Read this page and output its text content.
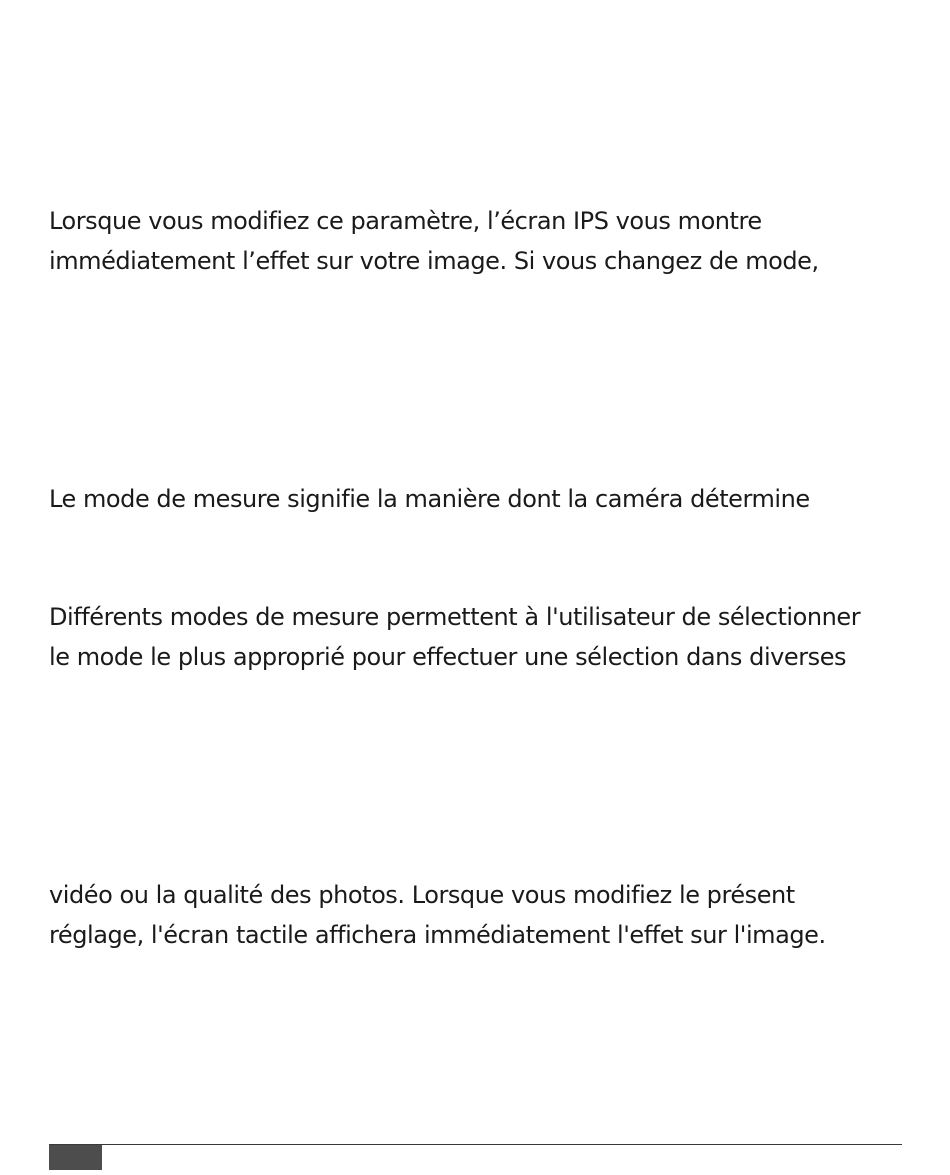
Lorsque vous modifiez ce paramètre, l’écran IPS vous montre

immédiatement l’effet sur votre image. Si vous changez de mode,

Le mode de mesure signifie la manière dont la caméra détermine

Différents modes de mesure permettent à l'utilisateur de sélectionner

le mode le plus approprié pour effectuer une sélection dans diverses

vidéo ou la qualité des photos. Lorsque vous modifiez le présent

réglage, l'écran tactile affichera immédiatement l'effet sur l'image.
